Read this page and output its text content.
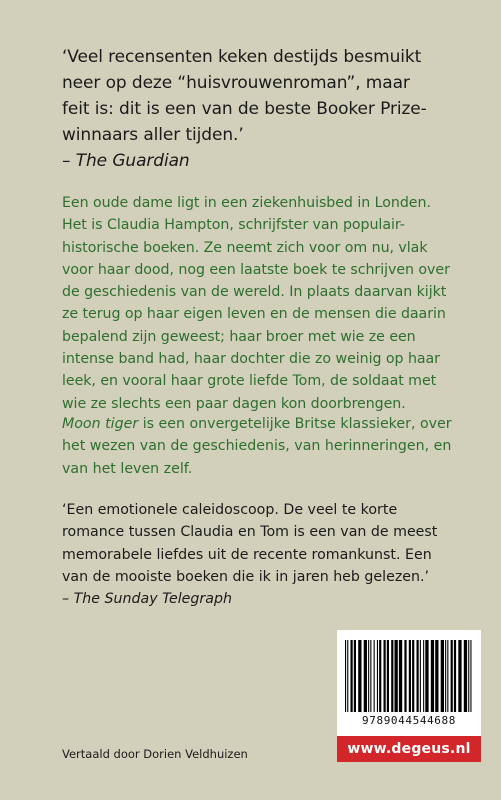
‘Veel recensenten keken destijds besmuikt
neer op deze “huisvrouwenroman”, maar
feit is: dit is een van de beste Booker Prize-
winnaars aller tijden.’
– The Guardian
Een oude dame ligt in een ziekenhuisbed in Londen.
Het is Claudia Hampton, schrijfster van populair-
historische boeken. Ze neemt zich voor om nu, vlak
voor haar dood, nog een laatste boek te schrijven over
de geschiedenis van de wereld. In plaats daarvan kijkt
ze terug op haar eigen leven en de mensen die daarin
bepalend zijn geweest; haar broer met wie ze een
intense band had, haar dochter die zo weinig op haar
leek, en vooral haar grote liefde Tom, de soldaat met
wie ze slechts een paar dagen kon doorbrengen.
Moon tiger is een onvergetelijke Britse klassieker, over
het wezen van de geschiedenis, van herinneringen, en
van het leven zelf.
‘Een emotionele caleidoscoop. De veel te korte
romance tussen Claudia en Tom is een van de meest
memorabele liefdes uit de recente romankunst. Een
van de mooiste boeken die ik in jaren heb gelezen.’
– The Sunday Telegraph
Vertaald door Dorien Veldhuizen
9789044544688
www.degeus.nl
